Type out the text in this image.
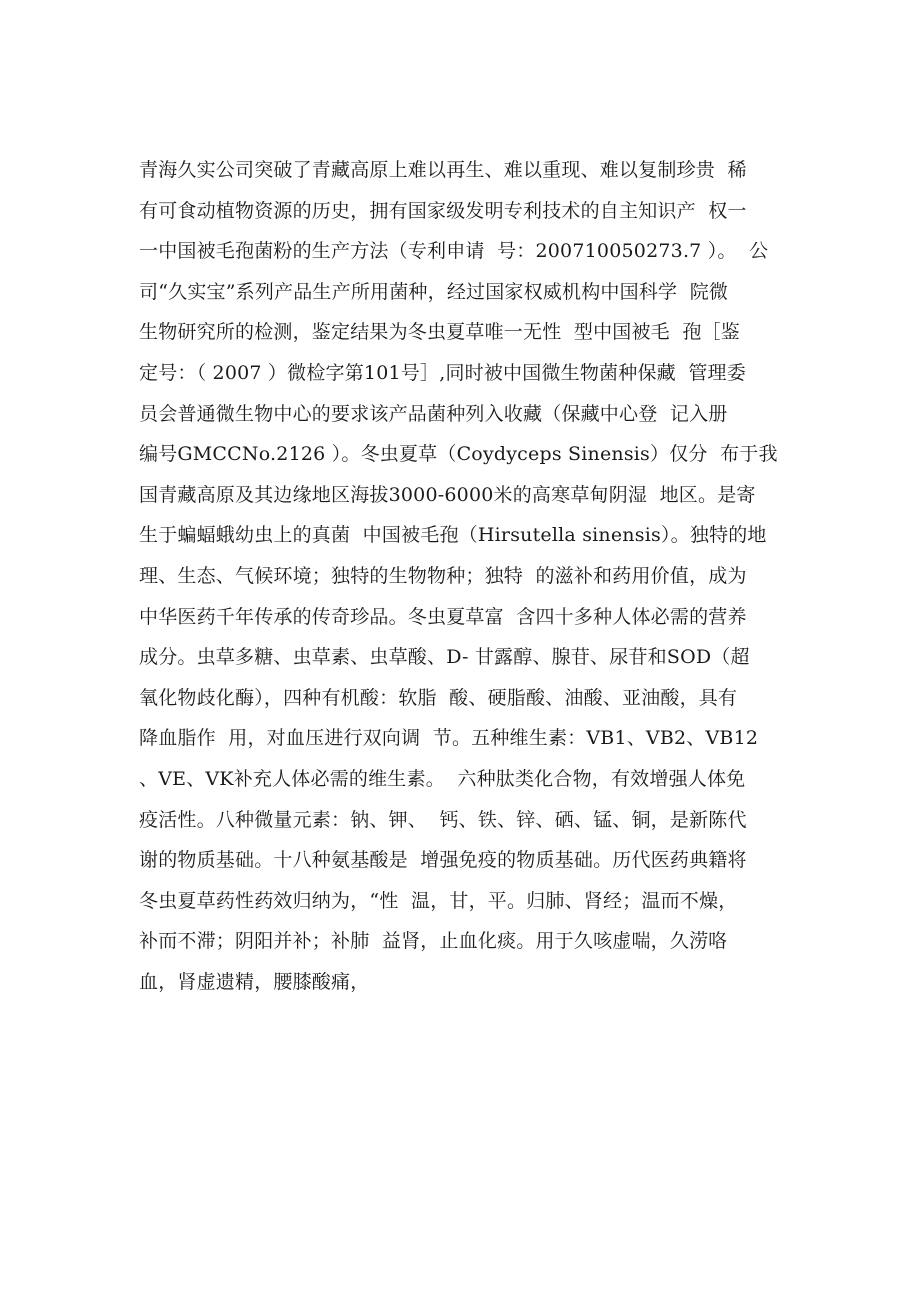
青海久实公司突破了青藏高原上难以再生、难以重现、难以复制珍贵  稀
有可食动植物资源的历史，拥有国家级发明专利技术的自主知识产  权一
一中国被毛孢菌粉的生产方法（专利申请  号：200710050273.7 ）。  公
司“久实宝”系列产品生产所用菌种，经过国家权威机构中国科学  院微
生物研究所的检测，鉴定结果为冬虫夏草唯一无性  型中国被毛  孢［鉴
定号：（ 2007 ）微检字第101号］,同时被中国微生物菌种保藏  管理委
员会普通微生物中心的要求该产品菌种列入收藏（保藏中心登  记入册
编号GMCCNo.2126 ）。冬虫夏草（Coydyceps Sinensis）仅分  布于我
国青藏高原及其边缘地区海拔3000-6000米的高寒草甸阴湿  地区。是寄
生于蝙蝠蛾幼虫上的真菌  中国被毛孢（Hirsutella sinensis）。独特的地
理、生态、气候环境；独特的生物物种；独特  的滋补和药用价值，成为
中华医药千年传承的传奇珍品。冬虫夏草富  含四十多种人体必需的营养
成分。虫草多糖、虫草素、虫草酸、D- 甘露醇、腺苷、尿苷和SOD（超
氧化物歧化酶），四种有机酸：软脂  酸、硬脂酸、油酸、亚油酸，具有
降血脂作  用，对血压进行双向调  节。五种维生素：VB1、VB2、VB12
、VE、VK补充人体必需的维生素。  六种肽类化合物，有效增强人体免
疫活性。八种微量元素：钠、钾、  钙、铁、锌、硒、锰、铜，是新陈代
谢的物质基础。十八种氨基酸是  增强免疫的物质基础。历代医药典籍将
冬虫夏草药性药效归纳为，“性  温，甘，平。归肺、肾经；温而不燥，
补而不滞；阴阳并补；补肺  益肾，止血化痰。用于久咳虚喘，久涝咯
血，肾虚遗精，腰膝酸痛，
